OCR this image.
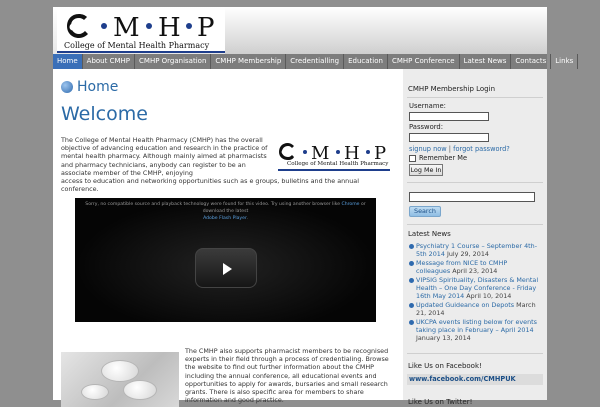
M H P
College of Mental Health Pharmacy
Home	About CMHP	CMHP Organisation	CMHP Membership	Credentialling	Education	CMHP Conference	Latest News	Contacts	Links
Home
Welcome
The College of Mental Health Pharmacy (CMHP) has the overall objective of advancing education and research in the practice of mental health pharmacy. Although mainly aimed at pharmacists and pharmacy technicians, anybody can register to be an associate member of the CMHP, enjoying
access to education and networking opportunities such as e groups, bulletins and the annual conference.
M H P
College of Mental Health Pharmacy
Sorry, no compatible source and playback technology were found for this video. Try using another browser like Chrome or download the latest
Adobe Flash Player.
The CMHP also supports pharmacist members to be recognised experts in their field through a process of credentialing. Browse the website to find out further information about the CMHP including the annual conference, all educational events and opportunities to apply for awards, bursaries and small research grants. There is also specific area for members to share information and good practice.
CMHP Membership Login
Username:
Password:
signup now | forgot password?
Remember Me
Log Me In
Search
Latest News
Psychiatry 1 Course – September 4th-5th 2014 July 29, 2014
Message from NICE to CMHP colleagues April 23, 2014
VIPSIG Spirituality, Disasters & Mental Health – One Day Conference - Friday 16th May 2014 April 10, 2014
Updated Guideance on Depots March 21, 2014
UKCPA events listing below for events taking place in February – April 2014 January 13, 2014
Like Us on Facebook!
www.facebook.com/CMHPUK
Like Us on Twitter!
